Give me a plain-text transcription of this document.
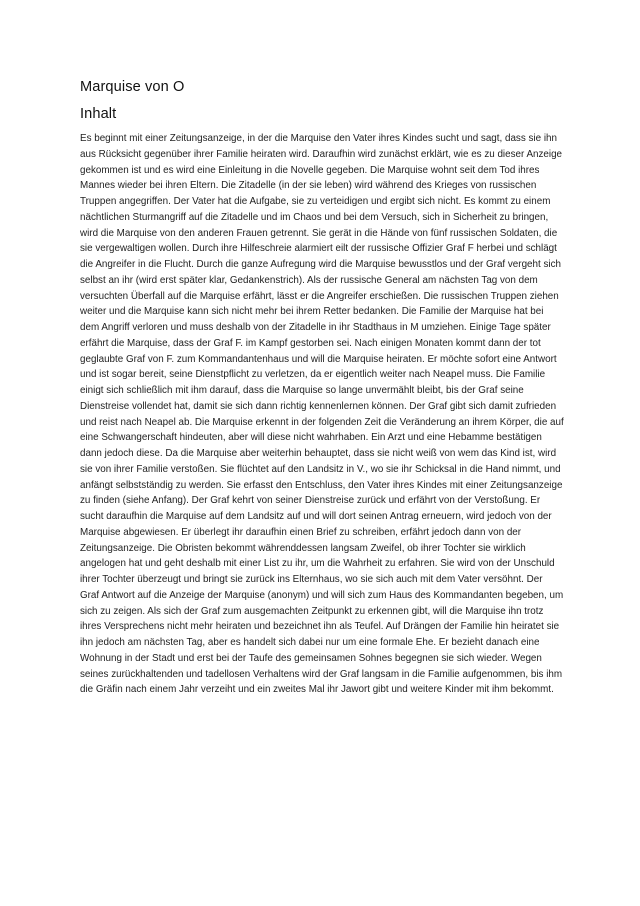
Marquise von O
Inhalt

Es beginnt mit einer Zeitungsanzeige, in der die Marquise den Vater ihres Kindes sucht und sagt, dass sie ihn aus Rücksicht gegenüber ihrer Familie heiraten wird. Daraufhin wird zunächst erklärt, wie es zu dieser Anzeige gekommen ist und es wird eine Einleitung in die Novelle gegeben. Die Marquise wohnt seit dem Tod ihres Mannes wieder bei ihren Eltern. Die Zitadelle (in der sie leben) wird während des Krieges von russischen Truppen angegriffen. Der Vater hat die Aufgabe, sie zu verteidigen und ergibt sich nicht. Es kommt zu einem nächtlichen Sturmangriff auf die Zitadelle und im Chaos und bei dem Versuch, sich in Sicherheit zu bringen, wird die Marquise von den anderen Frauen getrennt. Sie gerät in die Hände von fünf russischen Soldaten, die sie vergewaltigen wollen. Durch ihre Hilfeschreie alarmiert eilt der russische Offizier Graf F herbei und schlägt die Angreifer in die Flucht. Durch die ganze Aufregung wird die Marquise bewusstlos und der Graf vergeht sich selbst an ihr (wird erst später klar, Gedankenstrich). Als der russische General am nächsten Tag von dem versuchten Überfall auf die Marquise erfährt, lässt er die Angreifer erschießen. Die russischen Truppen ziehen weiter und die Marquise kann sich nicht mehr bei ihrem Retter bedanken. Die Familie der Marquise hat bei dem Angriff verloren und muss deshalb von der Zitadelle in ihr Stadthaus in M umziehen. Einige Tage später erfährt die Marquise, dass der Graf F. im Kampf gestorben sei. Nach einigen Monaten kommt dann der tot geglaubte Graf von F. zum Kommandantenhaus und will die Marquise heiraten. Er möchte sofort eine Antwort und ist sogar bereit, seine Dienstpflicht zu verletzen, da er eigentlich weiter nach Neapel muss. Die Familie einigt sich schließlich mit ihm darauf, dass die Marquise so lange unvermählt bleibt, bis der Graf seine Dienstreise vollendet hat, damit sie sich dann richtig kennenlernen können. Der Graf gibt sich damit zufrieden und reist nach Neapel ab. Die Marquise erkennt in der folgenden Zeit die Veränderung an ihrem Körper, die auf eine Schwangerschaft hindeuten, aber will diese nicht wahrhaben. Ein Arzt und eine Hebamme bestätigen dann jedoch diese. Da die Marquise aber weiterhin behauptet, dass sie nicht weiß von wem das Kind ist, wird sie von ihrer Familie verstoßen. Sie flüchtet auf den Landsitz in V., wo sie ihr Schicksal in die Hand nimmt, und anfängt selbstständig zu werden. Sie erfasst den Entschluss, den Vater ihres Kindes mit einer Zeitungsanzeige zu finden (siehe Anfang). Der Graf kehrt von seiner Dienstreise zurück und erfährt von der Verstoßung. Er sucht daraufhin die Marquise auf dem Landsitz auf und will dort seinen Antrag erneuern, wird jedoch von der Marquise abgewiesen. Er überlegt ihr daraufhin einen Brief zu schreiben, erfährt jedoch dann von der Zeitungsanzeige. Die Obristen bekommt währenddessen langsam Zweifel, ob ihrer Tochter sie wirklich angelogen hat und geht deshalb mit einer List zu ihr, um die Wahrheit zu erfahren. Sie wird von der Unschuld ihrer Tochter überzeugt und bringt sie zurück ins Elternhaus, wo sie sich auch mit dem Vater versöhnt. Der Graf Antwort auf die Anzeige der Marquise (anonym) und will sich zum Haus des Kommandanten begeben, um sich zu zeigen. Als sich der Graf zum ausgemachten Zeitpunkt zu erkennen gibt, will die Marquise ihn trotz ihres Versprechens nicht mehr heiraten und bezeichnet ihn als Teufel. Auf Drängen der Familie hin heiratet sie ihn jedoch am nächsten Tag, aber es handelt sich dabei nur um eine formale Ehe. Er bezieht danach eine Wohnung in der Stadt und erst bei der Taufe des gemeinsamen Sohnes begegnen sie sich wieder. Wegen seines zurückhaltenden und tadellosen Verhaltens wird der Graf langsam in die Familie aufgenommen, bis ihm die Gräfin nach einem Jahr verzeiht und ein zweites Mal ihr Jawort gibt und weitere Kinder mit ihm bekommt.
